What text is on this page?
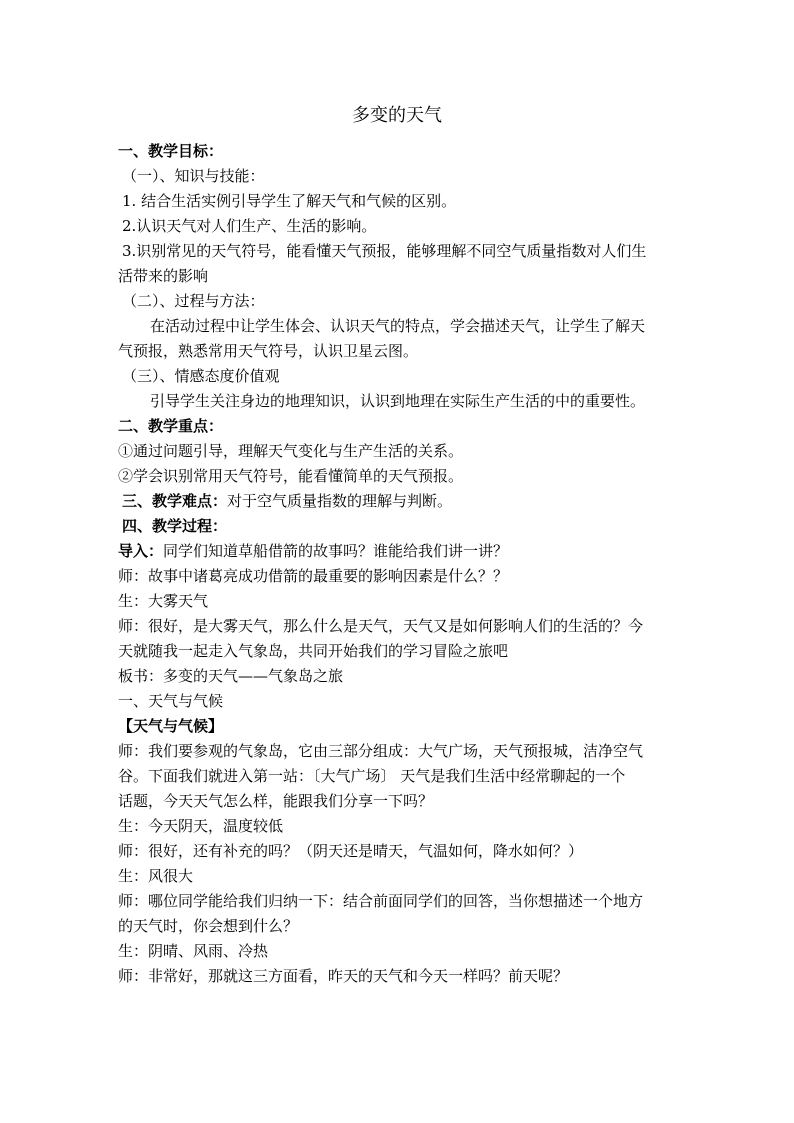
多变的天气
一、教学目标：
（一）、知识与技能：
1. 结合生活实例引导学生了解天气和气候的区别。
2.认识天气对人们生产、生活的影响。
3.识别常见的天气符号，能看懂天气预报，能够理解不同空气质量指数对人们生
活带来的影响
（二）、过程与方法：
在活动过程中让学生体会、认识天气的特点，学会描述天气，让学生了解天
气预报，熟悉常用天气符号，认识卫星云图。
（三）、情感态度价值观
引导学生关注身边的地理知识，认识到地理在实际生产生活的中的重要性。
二、教学重点：
①通过问题引导，理解天气变化与生产生活的关系。
②学会识别常用天气符号，能看懂简单的天气预报。
三、教学难点：对于空气质量指数的理解与判断。
四、教学过程：
导入：同学们知道草船借箭的故事吗？谁能给我们讲一讲？
师：故事中诸葛亮成功借箭的最重要的影响因素是什么？？
生：大雾天气
师：很好，是大雾天气，那么什么是天气，天气又是如何影响人们的生活的？今
天就随我一起走入气象岛，共同开始我们的学习冒险之旅吧
板书：多变的天气——气象岛之旅
一、天气与气候
【天气与气候】
师：我们要参观的气象岛，它由三部分组成：大气广场，天气预报城，洁净空气
谷。下面我们就进入第一站：〔大气广场〕 天气是我们生活中经常聊起的一个
话题，今天天气怎么样，能跟我们分享一下吗？
生：今天阴天，温度较低
师：很好，还有补充的吗？（阴天还是晴天，气温如何，降水如何？）
生：风很大
师：哪位同学能给我们归纳一下：结合前面同学们的回答，当你想描述一个地方
的天气时，你会想到什么？
生：阴晴、风雨、冷热
师：非常好，那就这三方面看，昨天的天气和今天一样吗？前天呢？
